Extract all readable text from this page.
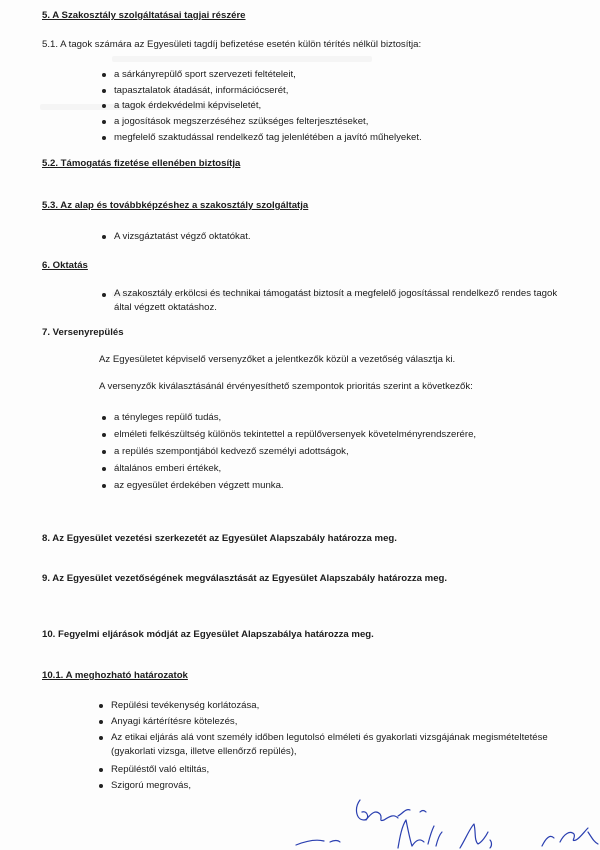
5. A Szakosztály szolgáltatásai tagjai részére
5.1. A tagok számára az Egyesületi tagdíj befizetése esetén külön térítés nélkül biztosítja:
a sárkányrepülő sport szervezeti feltételeit,
tapasztalatok átadását, információcserét,
a tagok érdekvédelmi képviseletét,
a jogosítások megszerzéséhez szükséges felterjesztéseket,
megfelelő szaktudással rendelkező tag jelenlétében a javító műhelyeket.
5.2. Támogatás fizetése ellenében biztosítja
5.3. Az alap és továbbképzéshez a szakosztály szolgáltatja
A vizsgáztatást végző oktatókat.
6. Oktatás
A szakosztály erkölcsi és technikai támogatást biztosít a megfelelő jogosítással rendelkező rendes tagok által végzett oktatáshoz.
7. Versenyrepülés
Az Egyesületet képviselő versenyzőket a jelentkezők közül a vezetőség választja ki.
A versenyzők kiválasztásánál érvényesíthető szempontok prioritás szerint a következők:
a tényleges repülő tudás,
elméleti felkészültség különös tekintettel a repülőversenyek követelményrendszerére,
a repülés szempontjából kedvező személyi adottságok,
általános emberi értékek,
az egyesület érdekében végzett munka.
8. Az Egyesület vezetési szerkezetét az Egyesület Alapszabály határozza meg.
9. Az Egyesület vezetőségének megválasztását az Egyesület Alapszabály határozza meg.
10. Fegyelmi eljárások módját az Egyesület Alapszabálya határozza meg.
10.1. A meghozható határozatok
Repülési tevékenység korlátozása,
Anyagi kártérítésre kötelezés,
Az etikai eljárás alá vont személy időben legutolsó elméleti és gyakorlati vizsgájának megismételtetése (gyakorlati vizsga, illetve ellenőrző repülés),
Repüléstől való eltiltás,
Szigorú megrovás,
